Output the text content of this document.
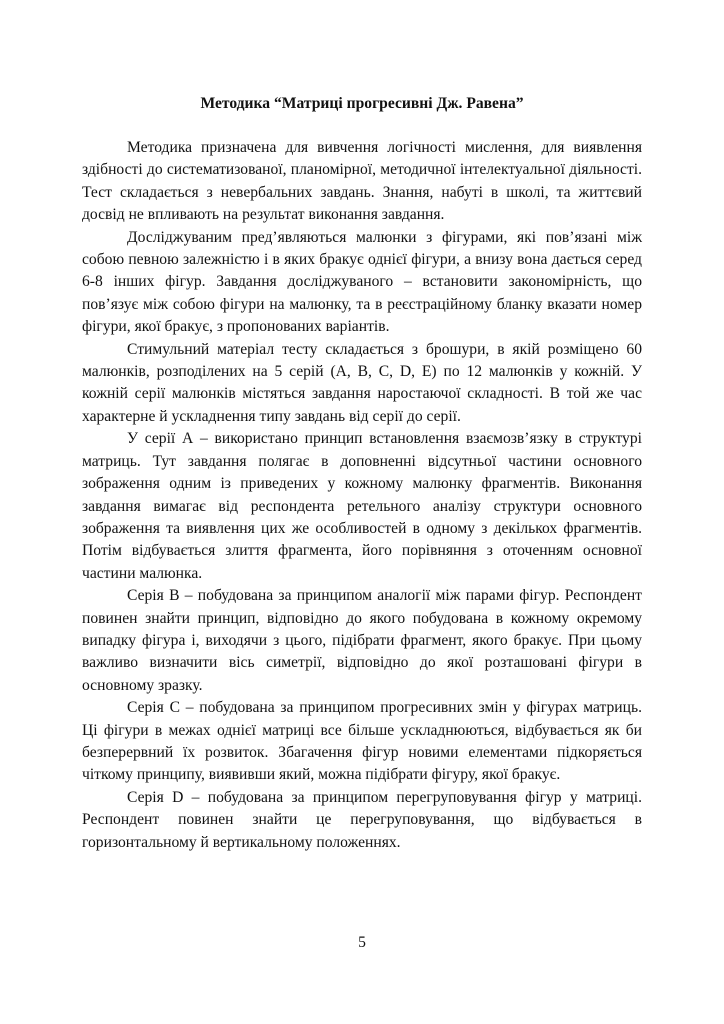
Методика “Матриці прогресивні Дж. Равена”

Методика призначена для вивчення логічності мислення, для виявлення здібності до систематизованої, планомірної, методичної інтелектуальної діяльності. Тест складається з невербальних завдань. Знання, набуті в школі, та життєвий досвід не впливають на результат виконання завдання.

Досліджуваним пред’являються малюнки з фігурами, які пов’язані між собою певною залежністю і в яких бракує однієї фігури, а внизу вона дається серед 6-8 інших фігур. Завдання досліджуваного – встановити закономірність, що пов’язує між собою фігури на малюнку, та в реєстраційному бланку вказати номер фігури, якої бракує, з пропонованих варіантів.

Стимульний матеріал тесту складається з брошури, в якій розміщено 60 малюнків, розподілених на 5 серій (А, В, С, D, Е) по 12 малюнків у кожній. У кожній серії малюнків містяться завдання наростаючої складності. В той же час характерне й ускладнення типу завдань від серії до серії.

У серії А – використано принцип встановлення взаємозв’язку в структурі матриць. Тут завдання полягає в доповненні відсутньої частини основного зображення одним із приведених у кожному малюнку фрагментів. Виконання завдання вимагає від респондента ретельного аналізу структури основного зображення та виявлення цих же особливостей в одному з декількох фрагментів. Потім відбувається злиття фрагмента, його порівняння з оточенням основної частини малюнка.

Серія В – побудована за принципом аналогії між парами фігур. Респондент повинен знайти принцип, відповідно до якого побудована в кожному окремому випадку фігура і, виходячи з цього, підібрати фрагмент, якого бракує. При цьому важливо визначити вісь симетрії, відповідно до якої розташовані фігури в основному зразку.

Серія С – побудована за принципом прогресивних змін у фігурах матриць. Ці фігури в межах однієї матриці все більше ускладнюються, відбувається як би безперервний їх розвиток. Збагачення фігур новими елементами підкоряється чіткому принципу, виявивши який, можна підібрати фігуру, якої бракує.

Серія D – побудована за принципом перегруповування фігур у матриці. Респондент повинен знайти це перегруповування, що відбувається в горизонтальному й вертикальному положеннях.

5
